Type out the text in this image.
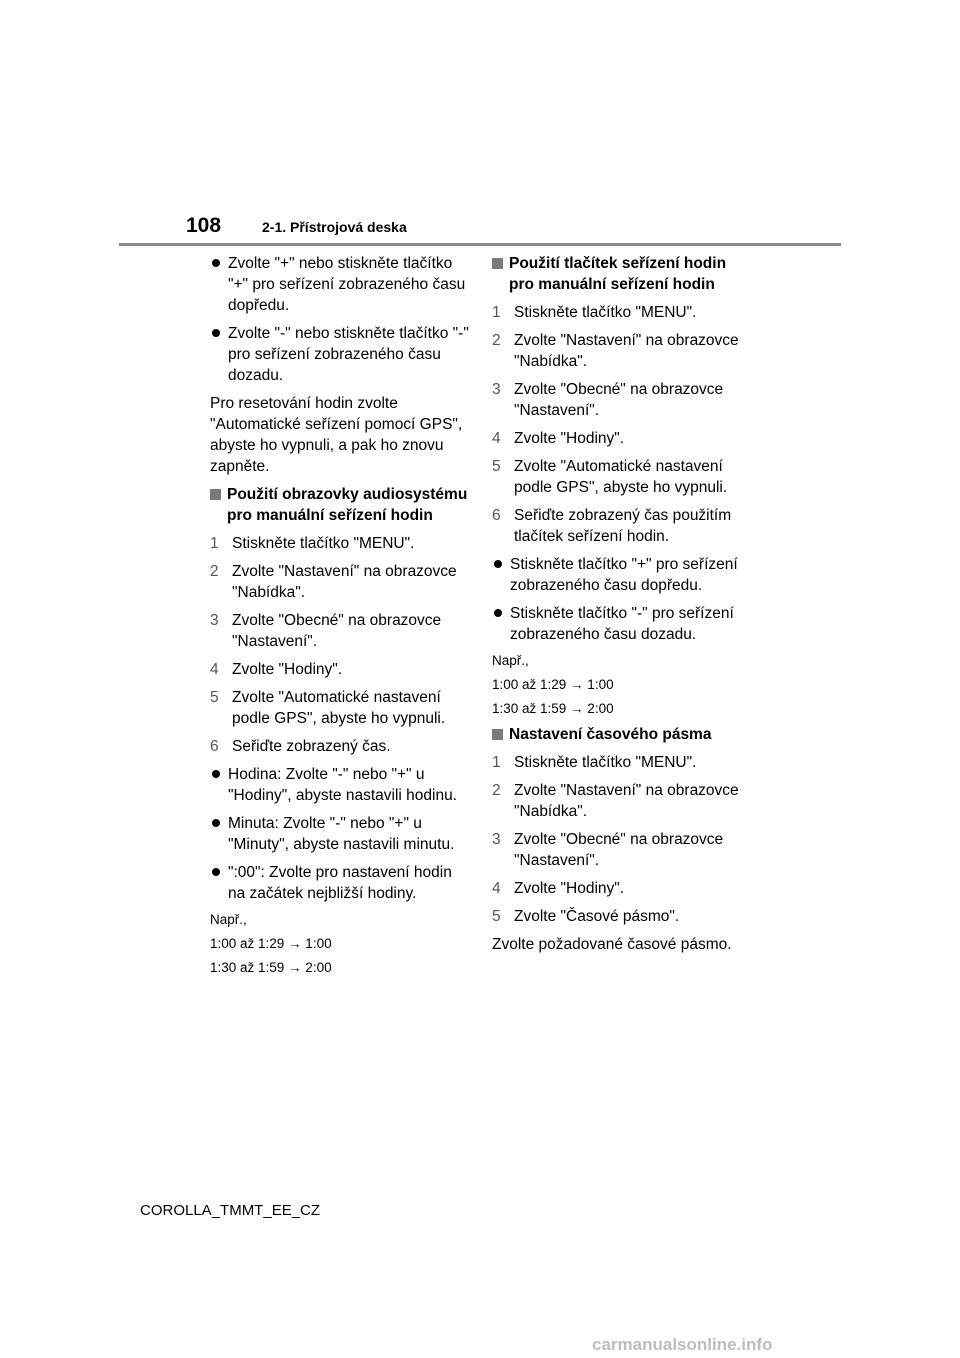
108	2-1. Přístrojová deska
Zvolte "+" nebo stiskněte tlačítko "+" pro seřízení zobrazeného času dopředu.
Zvolte "-" nebo stiskněte tlačítko "-" pro seřízení zobrazeného času dozadu.
Pro resetování hodin zvolte "Automatické seřízení pomocí GPS", abyste ho vypnuli, a pak ho znovu zapněte.
Použití obrazovky audiosystému pro manuální seřízení hodin
1 Stiskněte tlačítko "MENU".
2 Zvolte "Nastavení" na obrazovce "Nabídka".
3 Zvolte "Obecné" na obrazovce "Nastavení".
4 Zvolte "Hodiny".
5 Zvolte "Automatické nastavení podle GPS", abyste ho vypnuli.
6 Seřiďte zobrazený čas.
Hodina: Zvolte "-" nebo "+" u "Hodiny", abyste nastavili hodinu.
Minuta: Zvolte "-" nebo "+" u "Minuty", abyste nastavili minutu.
":00": Zvolte pro nastavení hodin na začátek nejbližší hodiny.
Např.,
1:00 až 1:29 → 1:00
1:30 až 1:59 → 2:00
Použití tlačítek seřízení hodin pro manuální seřízení hodin
1 Stiskněte tlačítko "MENU".
2 Zvolte "Nastavení" na obrazovce "Nabídka".
3 Zvolte "Obecné" na obrazovce "Nastavení".
4 Zvolte "Hodiny".
5 Zvolte "Automatické nastavení podle GPS", abyste ho vypnuli.
6 Seřiďte zobrazený čas použitím tlačítek seřízení hodin.
Stiskněte tlačítko "+" pro seřízení zobrazeného času dopředu.
Stiskněte tlačítko "-" pro seřízení zobrazeného času dozadu.
Např.,
1:00 až 1:29 → 1:00
1:30 až 1:59 → 2:00
Nastavení časového pásma
1 Stiskněte tlačítko "MENU".
2 Zvolte "Nastavení" na obrazovce "Nabídka".
3 Zvolte "Obecné" na obrazovce "Nastavení".
4 Zvolte "Hodiny".
5 Zvolte "Časové pásmo".
Zvolte požadované časové pásmo.
COROLLA_TMMT_EE_CZ
carmanualsonline.info
